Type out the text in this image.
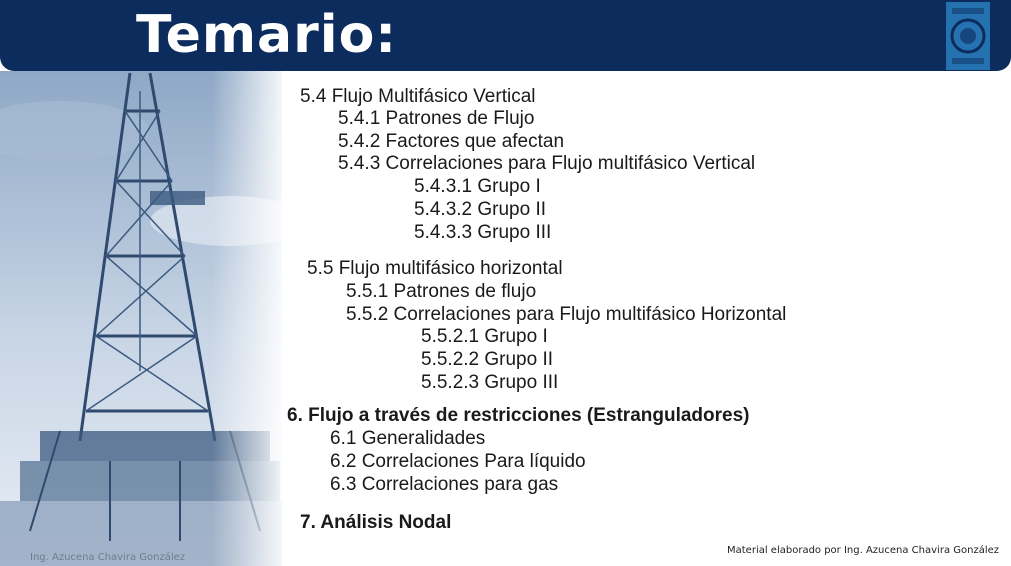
Temario:
5.4 Flujo Multifásico Vertical
5.4.1 Patrones de Flujo
5.4.2 Factores que afectan
5.4.3 Correlaciones para Flujo multifásico Vertical
5.4.3.1 Grupo I
5.4.3.2 Grupo II
5.4.3.3 Grupo III
5.5 Flujo multifásico horizontal
5.5.1 Patrones de flujo
5.5.2 Correlaciones para Flujo multifásico Horizontal
5.5.2.1 Grupo I
5.5.2.2 Grupo II
5.5.2.3 Grupo III
6. Flujo a través de restricciones (Estranguladores)
6.1 Generalidades
6.2 Correlaciones Para líquido
6.3 Correlaciones para gas
7. Análisis Nodal
Ing. Azucena Chavira González
Material elaborado por Ing. Azucena Chavira González
